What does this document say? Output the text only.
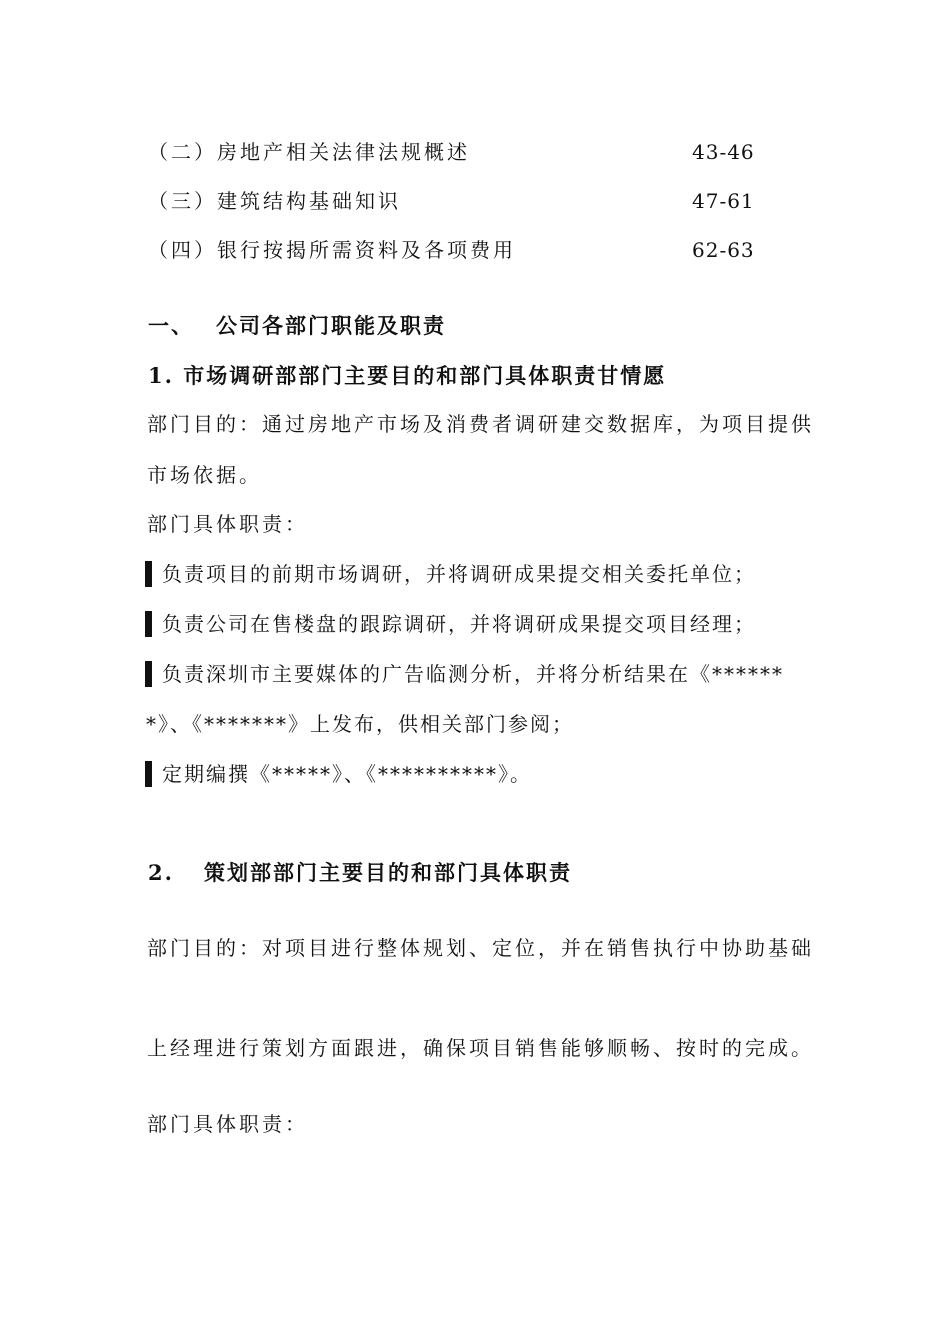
（二）房地产相关法律法规概述	43-46
（三）建筑结构基础知识	47-61
（四）银行按揭所需资料及各项费用	62-63
一、 公司各部门职能及职责
1. 市场调研部部门主要目的和部门具体职责甘情愿
部门目的：通过房地产市场及消费者调研建交数据库，为项目提供
市场依据。
部门具体职责：
负责项目的前期市场调研，并将调研成果提交相关委托单位；
负责公司在售楼盘的跟踪调研，并将调研成果提交项目经理；
负责深圳市主要媒体的广告临测分析，并将分析结果在《******
*》、《*******》上发布，供相关部门参阅；
定期编撰《*****》、《**********》。
2. 策划部部门主要目的和部门具体职责
部门目的：对项目进行整体规划、定位，并在销售执行中协助基础
上经理进行策划方面跟进，确保项目销售能够顺畅、按时的完成。
部门具体职责：
